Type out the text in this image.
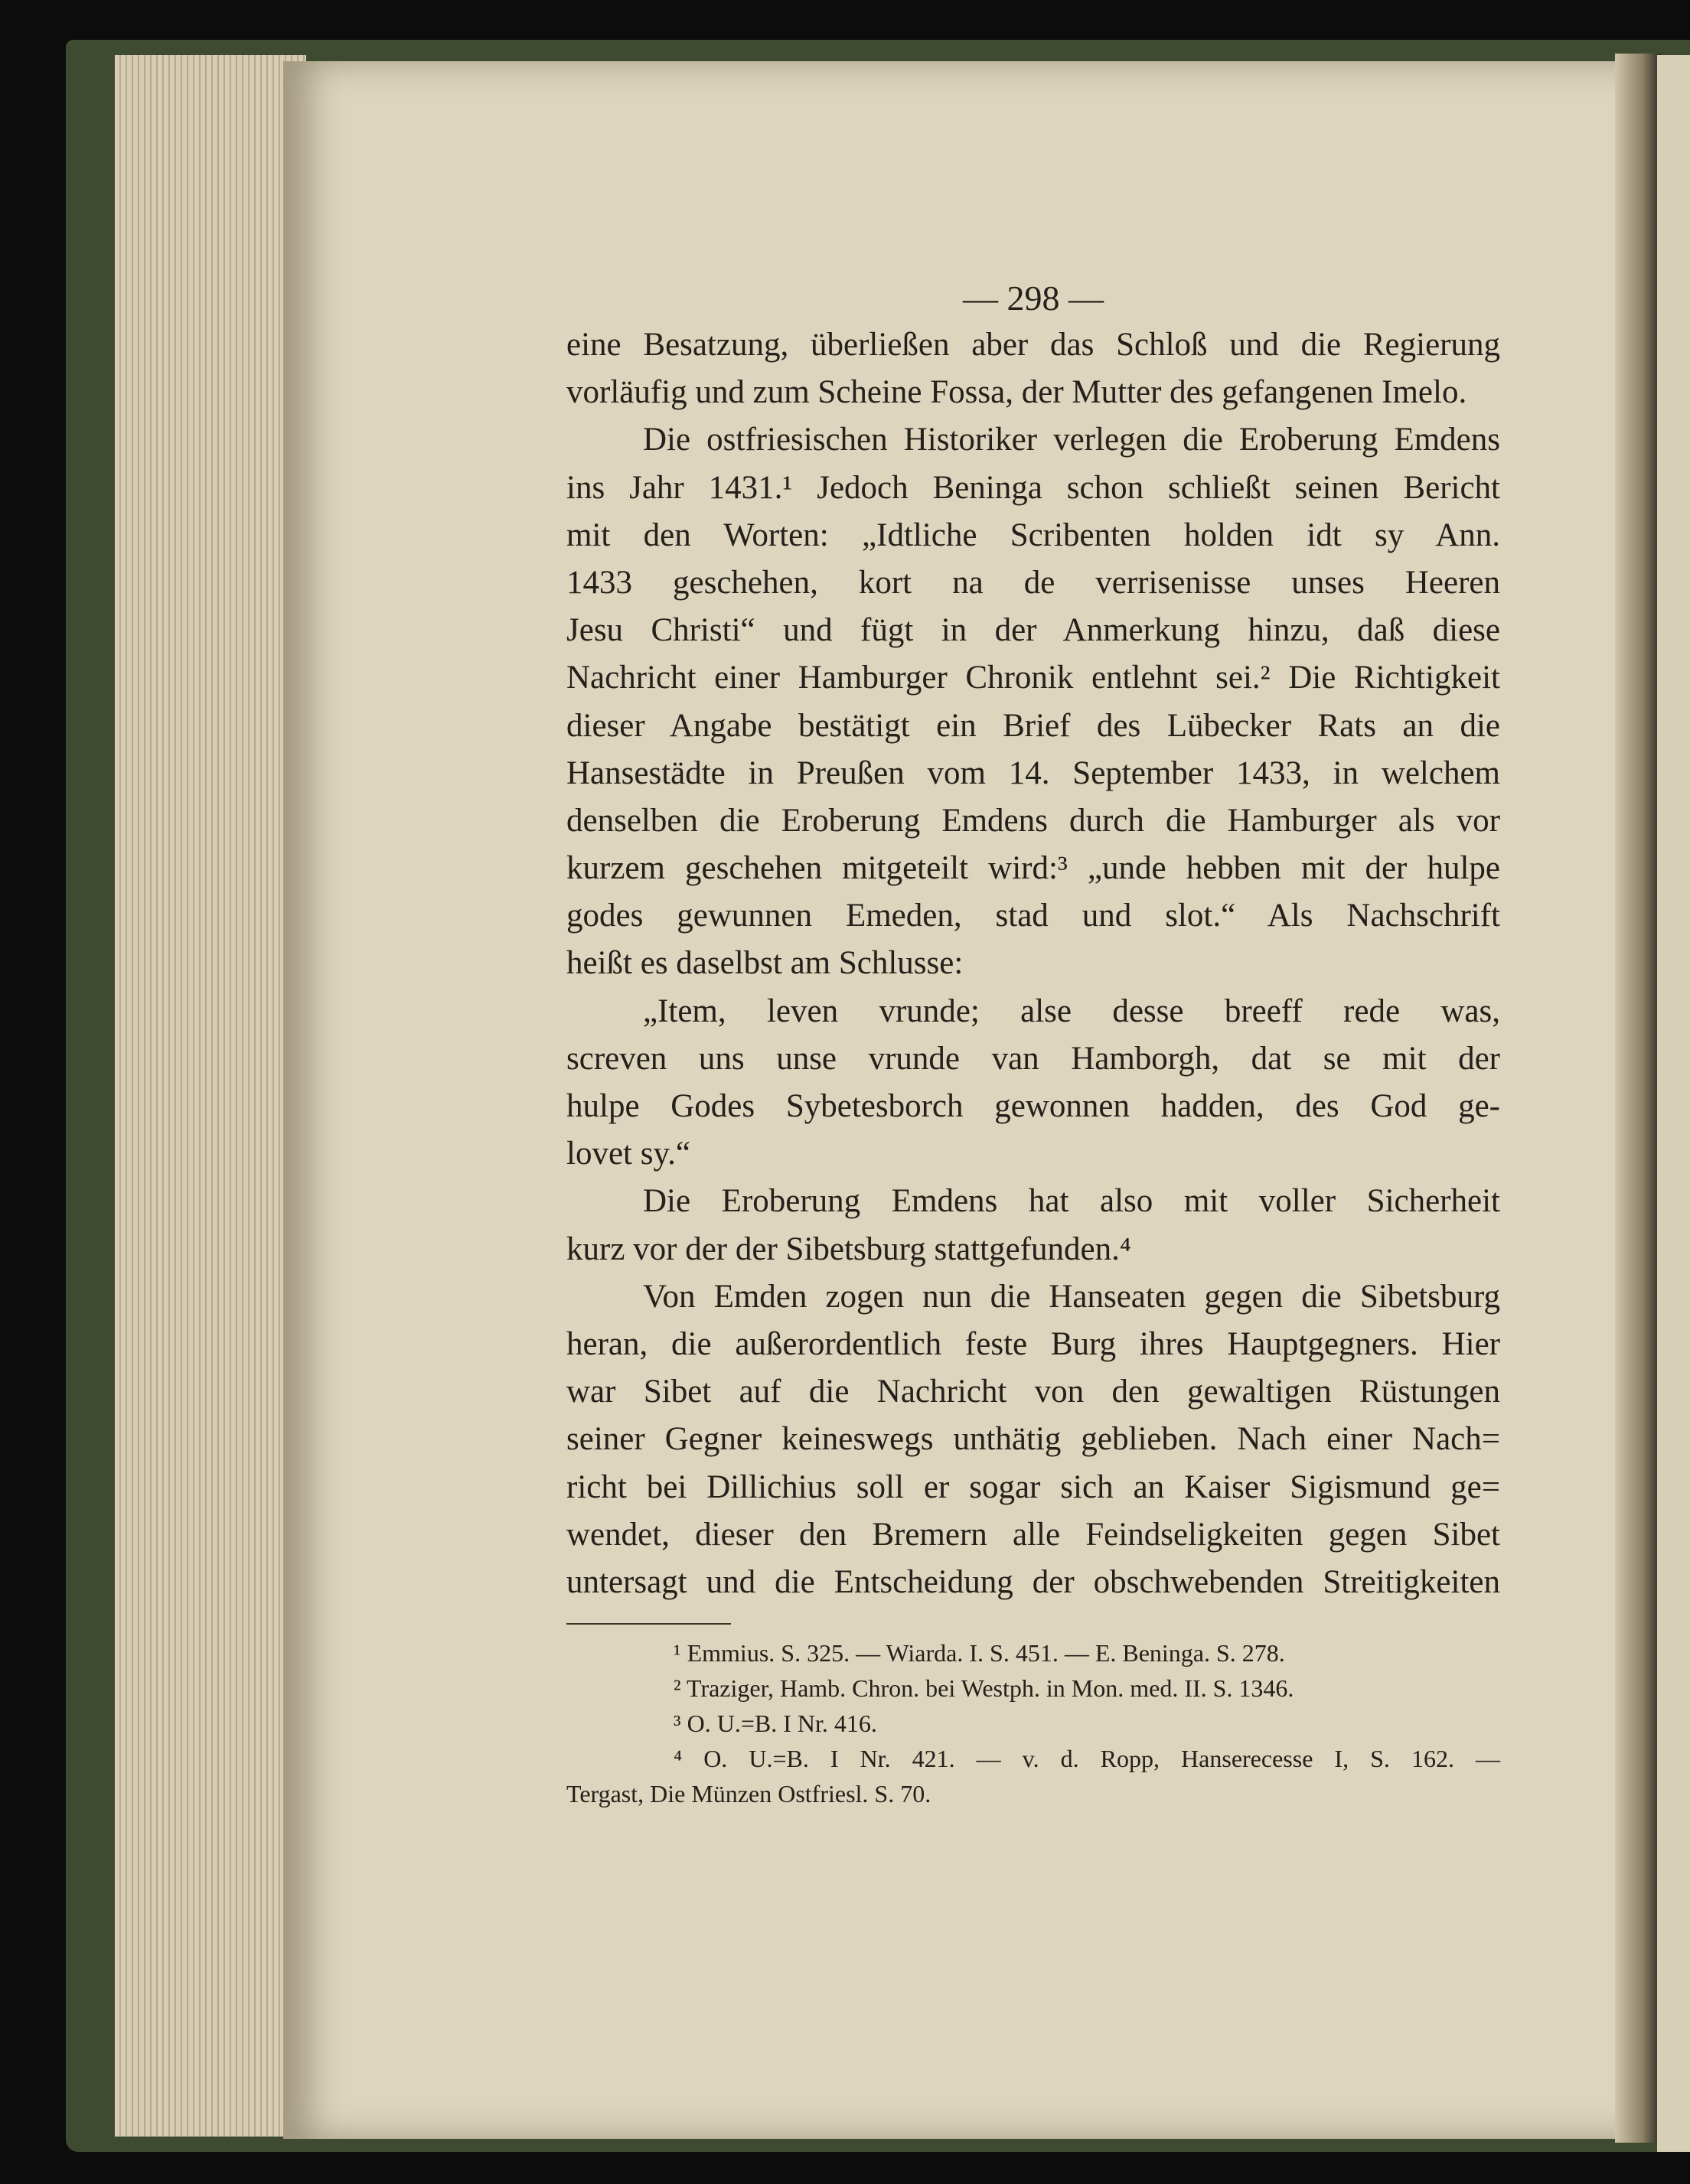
— 298 —
eine Besatzung, überließen aber das Schloß und die Regierung
vorläufig und zum Scheine Fossa, der Mutter des gefangenen Imelo.
Die ostfriesischen Historiker verlegen die Eroberung Emdens
ins Jahr 1431.¹ Jedoch Beninga schon schließt seinen Bericht
mit den Worten: „Idtliche Scribenten holden idt sy Ann.
1433 geschehen, kort na de verrisenisse unses Heeren
Jesu Christi“ und fügt in der Anmerkung hinzu, daß diese
Nachricht einer Hamburger Chronik entlehnt sei.² Die Richtigkeit
dieser Angabe bestätigt ein Brief des Lübecker Rats an die
Hansestädte in Preußen vom 14. September 1433, in welchem
denselben die Eroberung Emdens durch die Hamburger als vor
kurzem geschehen mitgeteilt wird:³ „unde hebben mit der hulpe
godes gewunnen Emeden, stad und slot.“ Als Nachschrift
heißt es daselbst am Schlusse:
„Item, leven vrunde; alse desse breeff rede was,
screven uns unse vrunde van Hamborgh, dat se mit der
hulpe Godes Sybetesborch gewonnen hadden, des God ge-
lovet sy.“
Die Eroberung Emdens hat also mit voller Sicherheit
kurz vor der der Sibetsburg stattgefunden.⁴
Von Emden zogen nun die Hanseaten gegen die Sibetsburg
heran, die außerordentlich feste Burg ihres Hauptgegners. Hier
war Sibet auf die Nachricht von den gewaltigen Rüstungen
seiner Gegner keineswegs unthätig geblieben. Nach einer Nach=
richt bei Dillichius soll er sogar sich an Kaiser Sigismund ge=
wendet, dieser den Bremern alle Feindseligkeiten gegen Sibet
untersagt und die Entscheidung der obschwebenden Streitigkeiten
¹ Emmius. S. 325. — Wiarda. I. S. 451. — E. Beninga. S. 278.
² Traziger, Hamb. Chron. bei Westph. in Mon. med. II. S. 1346.
³ O. U.=B. I Nr. 416.
⁴ O. U.=B. I Nr. 421. — v. d. Ropp, Hanserecesse I, S. 162. —
Tergast, Die Münzen Ostfriesl. S. 70.
